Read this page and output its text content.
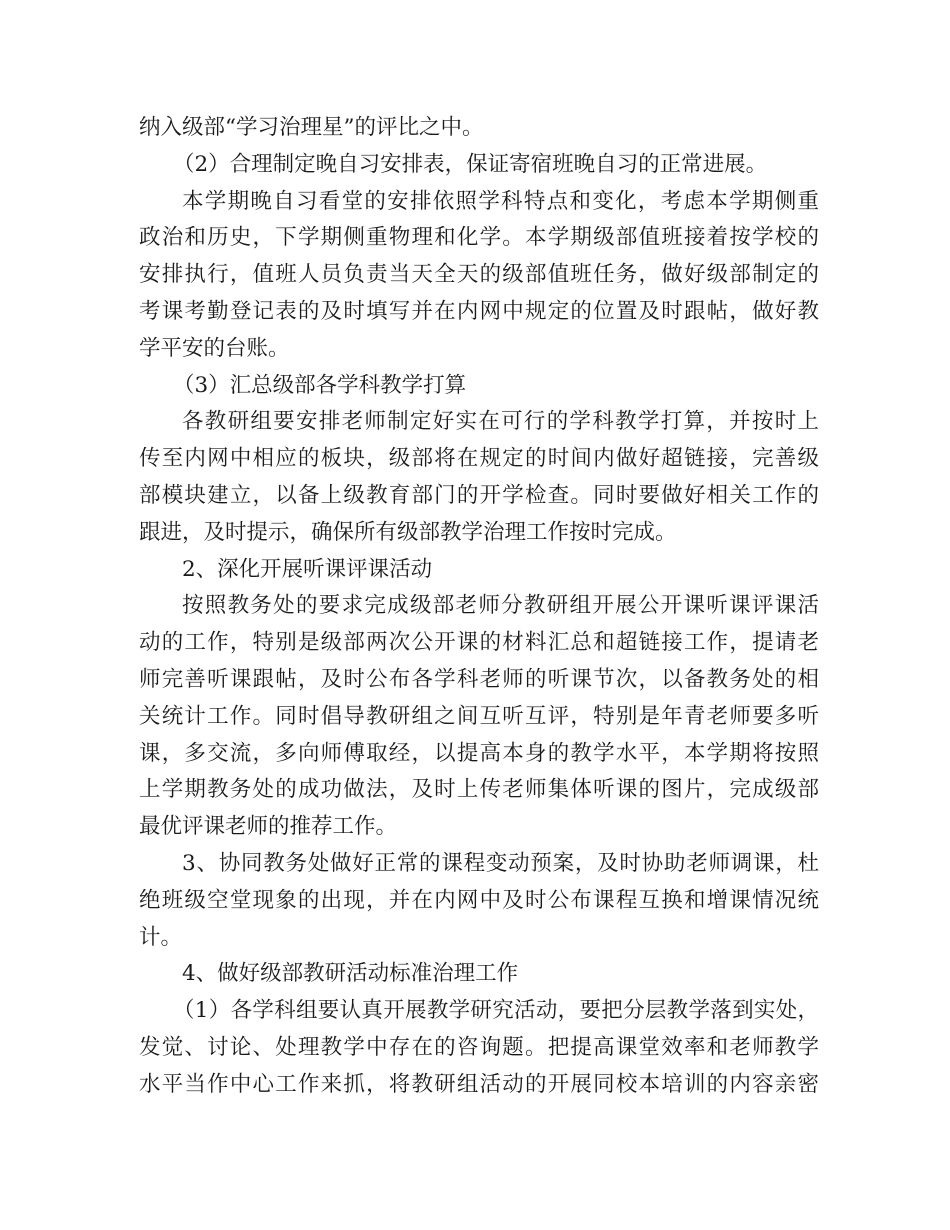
纳入级部“学习治理星”的评比之中。
（2）合理制定晚自习安排表，保证寄宿班晚自习的正常进展。
本学期晚自习看堂的安排依照学科特点和变化，考虑本学期侧重
政治和历史，下学期侧重物理和化学。本学期级部值班接着按学校的
安排执行，值班人员负责当天全天的级部值班任务，做好级部制定的
考课考勤登记表的及时填写并在内网中规定的位置及时跟帖，做好教
学平安的台账。
（3）汇总级部各学科教学打算
各教研组要安排老师制定好实在可行的学科教学打算，并按时上
传至内网中相应的板块，级部将在规定的时间内做好超链接，完善级
部模块建立，以备上级教育部门的开学检查。同时要做好相关工作的
跟进，及时提示，确保所有级部教学治理工作按时完成。
2、深化开展听课评课活动
按照教务处的要求完成级部老师分教研组开展公开课听课评课活
动的工作，特别是级部两次公开课的材料汇总和超链接工作，提请老
师完善听课跟帖，及时公布各学科老师的听课节次，以备教务处的相
关统计工作。同时倡导教研组之间互听互评，特别是年青老师要多听
课，多交流，多向师傅取经，以提高本身的教学水平，本学期将按照
上学期教务处的成功做法，及时上传老师集体听课的图片，完成级部
最优评课老师的推荐工作。
3、协同教务处做好正常的课程变动预案，及时协助老师调课，杜
绝班级空堂现象的出现，并在内网中及时公布课程互换和增课情况统
计。
4、做好级部教研活动标准治理工作
（1）各学科组要认真开展教学研究活动，要把分层教学落到实处，
发觉、讨论、处理教学中存在的咨询题。把提高课堂效率和老师教学
水平当作中心工作来抓，将教研组活动的开展同校本培训的内容亲密
